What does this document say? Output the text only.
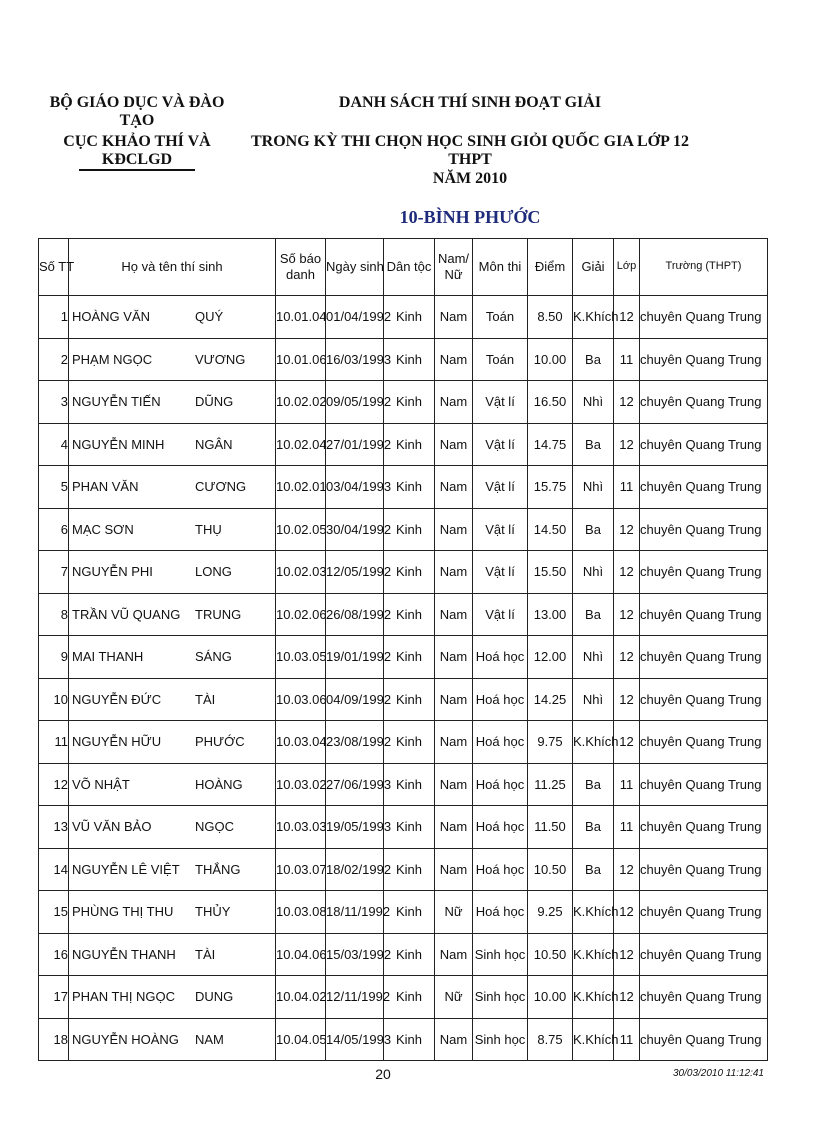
BỘ GIÁO DỤC VÀ ĐÀO TẠO
CỤC KHẢO THÍ VÀ KĐCLGD
DANH SÁCH THÍ SINH ĐOẠT GIẢI
TRONG KỲ THI CHỌN HỌC SINH GIỎI QUỐC GIA LỚP 12 THPT
NĂM 2010
10-BÌNH PHƯỚC
Số TT	Họ và tên thí sinh	Số báo danh	Ngày sinh	Dân tộc	Nam/ Nữ	Môn thi	Điểm	Giải	Lớp	Trường (THPT)
1	HOÀNG VĂN QUÝ	10.01.04	01/04/1992	Kinh	Nam	Toán	8.50	K.Khích	12	chuyên Quang Trung
2	PHẠM NGỌC VƯƠNG	10.01.06	16/03/1993	Kinh	Nam	Toán	10.00	Ba	11	chuyên Quang Trung
3	NGUYỄN TIẾN DŨNG	10.02.02	09/05/1992	Kinh	Nam	Vật lí	16.50	Nhì	12	chuyên Quang Trung
4	NGUYỄN MINH NGÂN	10.02.04	27/01/1992	Kinh	Nam	Vật lí	14.75	Ba	12	chuyên Quang Trung
5	PHAN VĂN CƯƠNG	10.02.01	03/04/1993	Kinh	Nam	Vật lí	15.75	Nhì	11	chuyên Quang Trung
6	MẠC SƠN THỤ	10.02.05	30/04/1992	Kinh	Nam	Vật lí	14.50	Ba	12	chuyên Quang Trung
7	NGUYỄN PHI LONG	10.02.03	12/05/1992	Kinh	Nam	Vật lí	15.50	Nhì	12	chuyên Quang Trung
8	TRẦN VŨ QUANG TRUNG	10.02.06	26/08/1992	Kinh	Nam	Vật lí	13.00	Ba	12	chuyên Quang Trung
9	MAI THANH SÁNG	10.03.05	19/01/1992	Kinh	Nam	Hoá học	12.00	Nhì	12	chuyên Quang Trung
10	NGUYỄN ĐỨC TÀI	10.03.06	04/09/1992	Kinh	Nam	Hoá học	14.25	Nhì	12	chuyên Quang Trung
11	NGUYỄN HỮU PHƯỚC	10.03.04	23/08/1992	Kinh	Nam	Hoá học	9.75	K.Khích	12	chuyên Quang Trung
12	VÕ NHẬT HOÀNG	10.03.02	27/06/1993	Kinh	Nam	Hoá học	11.25	Ba	11	chuyên Quang Trung
13	VŨ VĂN BẢO NGỌC	10.03.03	19/05/1993	Kinh	Nam	Hoá học	11.50	Ba	11	chuyên Quang Trung
14	NGUYỄN LÊ VIỆT THẮNG	10.03.07	18/02/1992	Kinh	Nam	Hoá học	10.50	Ba	12	chuyên Quang Trung
15	PHÙNG THỊ THU THỦY	10.03.08	18/11/1992	Kinh	Nữ	Hoá học	9.25	K.Khích	12	chuyên Quang Trung
16	NGUYỄN THANH TÀI	10.04.06	15/03/1992	Kinh	Nam	Sinh học	10.50	K.Khích	12	chuyên Quang Trung
17	PHAN THỊ NGỌC DUNG	10.04.02	12/11/1992	Kinh	Nữ	Sinh học	10.00	K.Khích	12	chuyên Quang Trung
18	NGUYỄN HOÀNG NAM	10.04.05	14/05/1993	Kinh	Nam	Sinh học	8.75	K.Khích	11	chuyên Quang Trung
20	30/03/2010 11:12:41
